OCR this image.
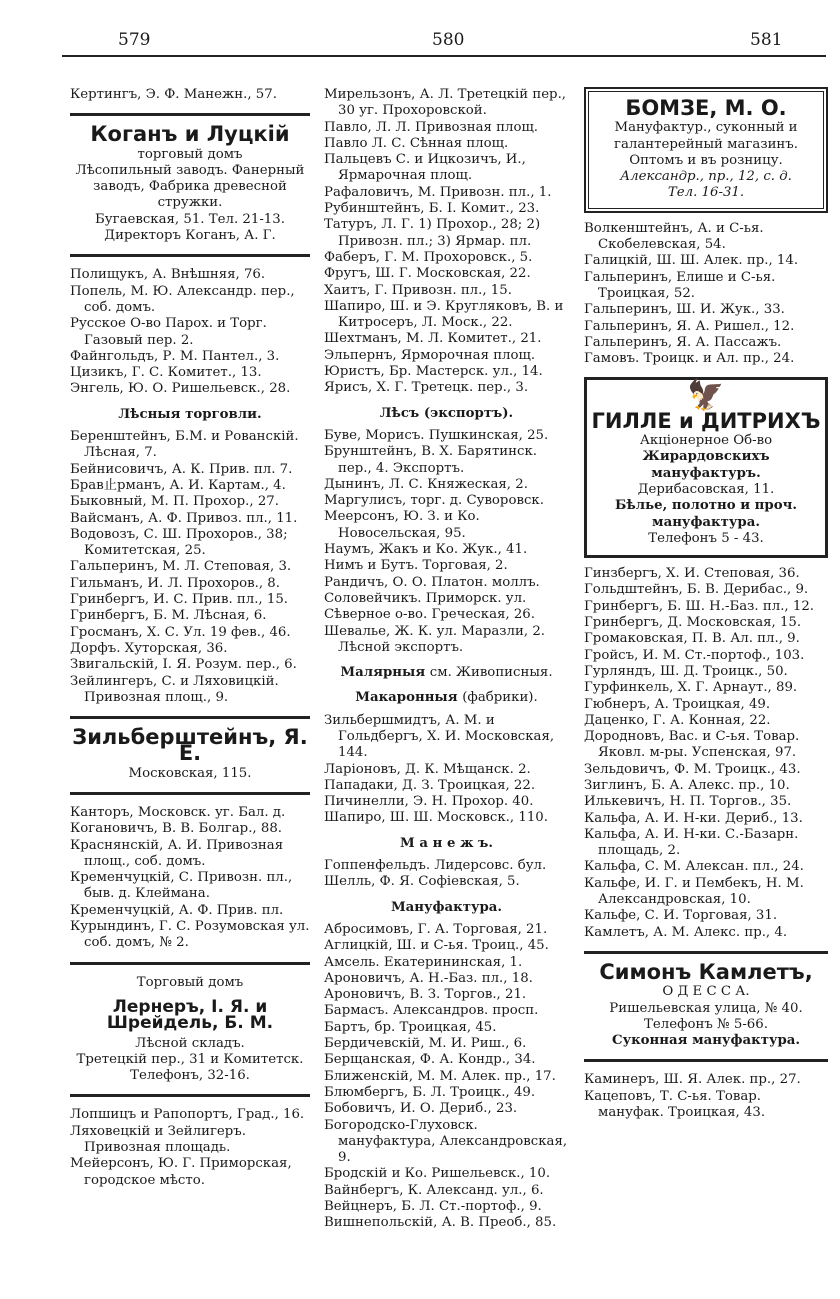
579	580	581
Кертингъ, Э. Ф. Манежн., 57.
Коганъ и Луцкій
торговый домъ
Лѣсопильный заводъ. Фанерный заводъ, Фабрика древесной стружки.
Бугаевская, 51. Тел. 21-13.
Директоръ Коганъ, А. Г.
Полищукъ, А. Внѣшняя, 76.
Попель, М. Ю. Александр. пер., соб. домъ.
Русское О-во Парох. и Торг. Газовый пер. 2.
Файнгольдъ, Р. М. Пантел., 3.
Цизикъ, Г. С. Комитет., 13.
Энгель, Ю. О. Ришельевск., 28.
Лѣсныя торговли.
Беренштейнъ, Б.М. и Рованскій. Лѣсная, 7.
Бейнисовичъ, А. К. Прив. пл. 7.
Брав止рманъ, А. И. Картам., 4.
Быковный, М. П. Прохор., 27.
Вайсманъ, А. Ф. Привоз. пл., 11.
Водовозъ, С. Ш. Прохоров., 38; Комитетская, 25.
Гальперинъ, М. Л. Степовая, 3.
Гильманъ, И. Л. Прохоров., 8.
Гринбергъ, И. С. Прив. пл., 15.
Гринбергъ, Б. М. Лѣсная, 6.
Гросманъ, Х. С. Ул. 19 фев., 46.
Дорфъ. Хуторская, 36.
Звигальскій, I. Я. Розум. пер., 6.
Зейлингеръ, С. и Ляховицкій. Привозная площ., 9.
Зильберштейнъ, Я. Е.
Московская, 115.
Канторъ, Московск. уг. Бал. д.
Когановичъ, В. В. Болгар., 88.
Краснянскій, А. И. Привозная площ., соб. домъ.
Кременчуцкій, С. Привозн. пл., быв. д. Клеймана.
Кременчуцкій, А. Ф. Прив. пл.
Курындинъ, Г. С. Розумовская ул. соб. домъ, № 2.
Торговый домъ
Лернеръ, I. Я. и Шрейдель, Б. М.
Лѣсной складъ.
Третецкій пер., 31 и Комитетск.
Телефонъ, 32-16.
Лопшицъ и Рапопортъ, Град., 16.
Ляховецкій и Зейлигеръ. Привозная площадь.
Мейерсонъ, Ю. Г. Приморская, городское мѣсто.
Мирельзонъ, А. Л. Третецкій пер., 30 уг. Прохоровской.
Павло, Л. Л. Привозная площ.
Павло Л. С. Сѣнная площ.
Пальцевъ С. и Ицкозичъ, И., Ярмарочная площ.
Рафаловичъ, М. Привозн. пл., 1.
Рубинштейнъ, Б. I. Комит., 23.
Татуръ, Л. Г. 1) Прохор., 28; 2) Привозн. пл.; 3) Ярмар. пл.
Фаберъ, Г. М. Прохоровск., 5.
Фругъ, Ш. Г. Московская, 22.
Хаитъ, Г. Привозн. пл., 15.
Шапиро, Ш. и Э. Кругляковъ, В. и Китросеръ, Л. Моск., 22.
Шехтманъ, М. Л. Комитет., 21.
Эльпернъ, Ярморочная площ.
Юристъ, Бр. Мастерск. ул., 14.
Ярисъ, Х. Г. Третецк. пер., 3.
Лѣсъ (экспортъ).
Буве, Морисъ. Пушкинская, 25.
Брунштейнъ, В. Х. Барятинск. пер., 4. Экспортъ.
Дынинъ, Л. С. Княжеская, 2.
Маргулисъ, торг. д. Суворовск.
Меерсонъ, Ю. З. и Ко. Новосельская, 95.
Наумъ, Жакъ и Ко. Жук., 41.
Нимъ и Бутъ. Торговая, 2.
Рандичъ, О. О. Платон. моллъ.
Соловейчикъ. Приморск. ул.
Сѣверное о-во. Греческая, 26.
Шевалье, Ж. К. ул. Маразли, 2. Лѣсной экспортъ.
Малярныя см. Живописныя.
Макаронныя (фабрики).
Зильбершмидтъ, А. М. и Гольдбергъ, Х. И. Московская, 144.
Ларіоновъ, Д. К. Мѣщанск. 2.
Пападаки, Д. З. Троицкая, 22.
Пичинелли, Э. Н. Прохор. 40.
Шапиро, Ш. Ш. Московск., 110.
М а н е ж ъ.
Гоппенфельдъ. Лидерсовс. бул.
Шелль, Ф. Я. Софіевская, 5.
Мануфактура.
Абросимовъ, Г. А. Торговая, 21.
Аглицкій, Ш. и С-ья. Троиц., 45.
Амсель. Екатерининская, 1.
Ароновичъ, А. Н.-Баз. пл., 18.
Ароновичъ, В. З. Торгов., 21.
Бармасъ. Александров. просп.
Бартъ, бр. Троицкая, 45.
Бердичевскій, М. И. Риш., 6.
Берщанская, Ф. А. Кондр., 34.
Ближенскій, М. М. Алек. пр., 17.
Блюмбергъ, Б. Л. Троицк., 49.
Бобовичъ, И. О. Дериб., 23.
Богородско-Глуховск. мануфактура, Александровская, 9.
Бродскій и Ко. Ришельевск., 10.
Вайнбергъ, К. Александ. ул., 6.
Вейцнеръ, Б. Л. Ст.-портоф., 9.
Вишнепольскій, А. В. Преоб., 85.
БОМЗЕ, М. О.
Мануфактур., суконный и галантерейный магазинъ. Оптомъ и въ розницу.
Александр., пр., 12, с. д.
Тел. 16-31.
Волкенштейнъ, А. и С-ья. Скобелевская, 54.
Галицкій, Ш. Ш. Алек. пр., 14.
Гальперинъ, Елише и С-ья. Троицкая, 52.
Гальперинъ, Ш. И. Жук., 33.
Гальперинъ, Я. А. Ришел., 12.
Гальперинъ, Я. А. Пассажъ.
Гамовъ. Троицк. и Ал. пр., 24.
🦅
ГИЛЛЕ и ДИТРИХЪ
Акціонерное Об-во
Жирардовскихъ мануфактуръ.
Дерибасовская, 11.
Бѣлье, полотно и проч. мануфактура.
Телефонъ 5 - 43.
Гинзбергъ, Х. И. Степовая, 36.
Гольдштейнъ, Б. В. Дерибас., 9.
Гринбергъ, Б. Ш. Н.-Баз. пл., 12.
Гринбергъ, Д. Московская, 15.
Громаковская, П. В. Ал. пл., 9.
Гройсъ, И. М. Ст.-портоф., 103.
Гурляндъ, Ш. Д. Троицк., 50.
Гурфинкель, Х. Г. Арнаут., 89.
Гюбнеръ, А. Троицкая, 49.
Даценко, Г. А. Конная, 22.
Дородновъ, Вас. и С-ья. Товар. Яковл. м-ры. Успенская, 97.
Зельдовичъ, Ф. М. Троицк., 43.
Зиглинъ, Б. А. Алекс. пр., 10.
Илькевичъ, Н. П. Торгов., 35.
Кальфа, А. И. Н-ки. Дериб., 13.
Кальфа, А. И. Н-ки. С.-Базарн. площадь, 2.
Кальфа, С. М. Алексан. пл., 24.
Кальфе, И. Г. и Пембекъ, Н. М. Александровская, 10.
Кальфе, С. И. Торговая, 31.
Камлетъ, А. М. Алекс. пр., 4.
Симонъ Камлетъ,
О Д Е С С А.
Ришельевская улица, № 40.
Телефонъ № 5-66.
Суконная мануфактура.
Каминеръ, Ш. Я. Алек. пр., 27.
Кацеповъ, Т. С-ья. Товар. мануфак. Троицкая, 43.
